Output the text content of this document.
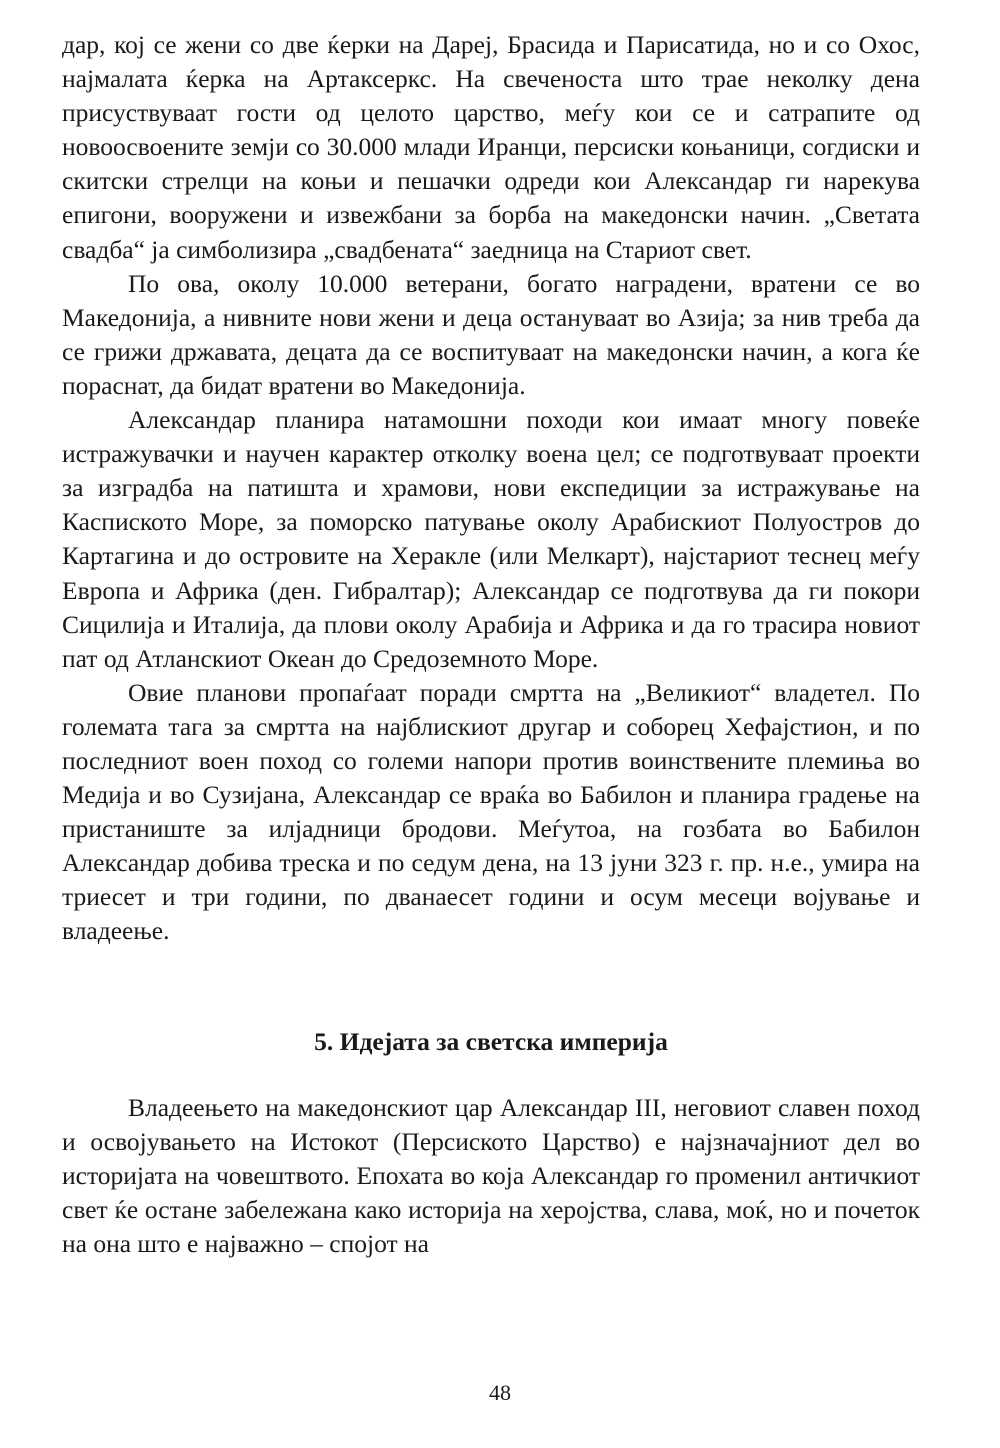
дар, кој се жени со две ќерки на Дареј, Брасида и Парисатида, но и со Охос, најмалата ќерка на Артаксеркс. На свеченоста што трае неколку дена присуствуваат гости од целото царство, меѓу кои се и сатрапите од новоосвоените земји со 30.000 млади Иранци, персиски коњаници, согдиски и скитски стрелци на коњи и пешачки одреди кои Александар ги нарекува епигони, вооружени и извежбани за борба на македонски начин. „Светата свадба“ ја симболизира „свадбената“ заедница на Стариот свет.

По ова, околу 10.000 ветерани, богато наградени, вратени се во Македонија, а нивните нови жени и деца остануваат во Азија; за нив треба да се грижи државата, децата да се воспитуваат на македонски начин, а кога ќе пораснат, да бидат вратени во Македонија.

Александар планира натамошни походи кои имаат многу повеќе истражувачки и научен карактер отколку воена цел; се подготвуваат проекти за изградба на патишта и храмови, нови експедиции за истражување на Каспиското Море, за поморско патување околу Арабискиот Полуостров до Картагина и до островите на Херакле (или Мелкарт), најстариот теснец меѓу Европа и Африка (ден. Гибралтар); Александар се подготвува да ги покори Сицилија и Италија, да плови околу Арабија и Африка и да го трасира новиот пат од Атланскиот Океан до Средоземното Море.

Овие планови пропаѓаат поради смртта на „Великиот“ владетел. По големата тага за смртта на најблискиот другар и соборец Хефајстион, и по последниот воен поход со големи напори против воинствените племиња во Медија и во Сузијана, Александар се враќа во Бабилон и планира градење на пристаниште за илјадници бродови. Меѓутоа, на гозбата во Бабилон Александар добива треска и по седум дена, на 13 јуни 323 г. пр. н.е., умира на триесет и три години, по дванаесет години и осум месеци војување и владеење.

5. Идејата за светска империја

Владеењето на македонскиот цар Александар III, неговиот славен поход и освојувањето на Истокот (Персиското Царство) е најзначајниот дел во историјата на човештвото. Епохата во која Александар го променил античкиот свет ќе остане забележана како историја на херојства, слава, моќ, но и почеток на она што е најважно – спојот на

48
